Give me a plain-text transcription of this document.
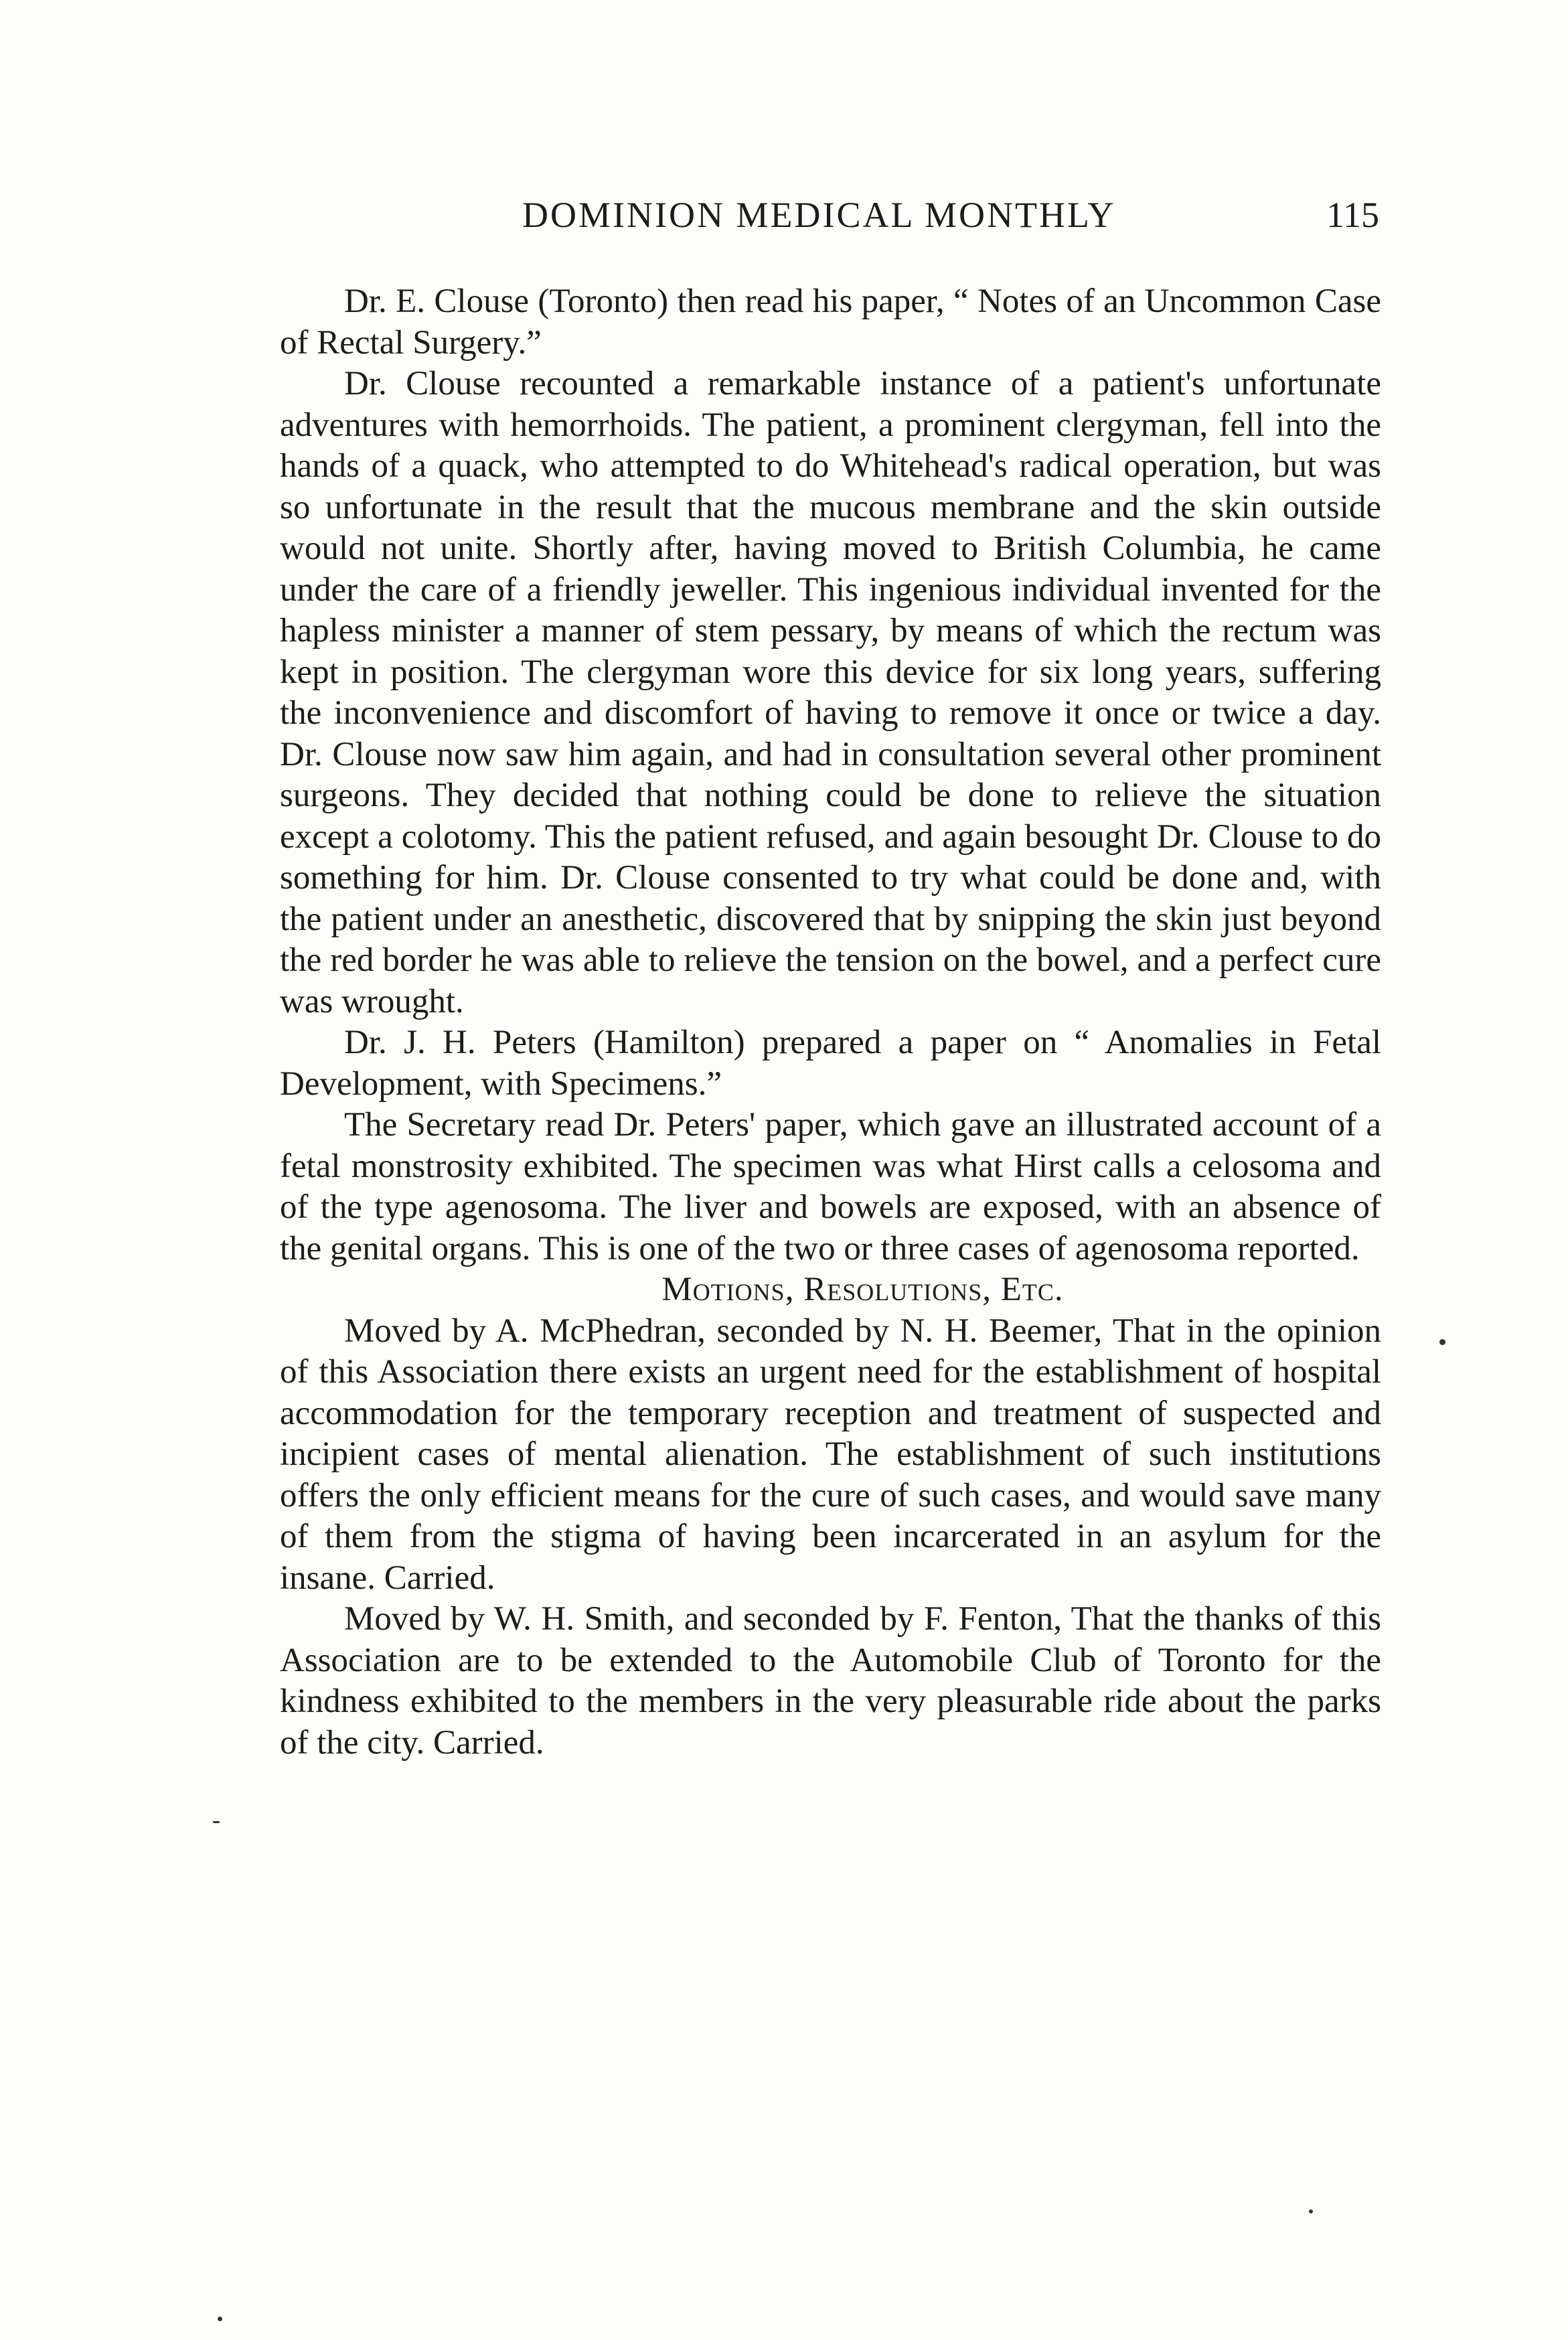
DOMINION MEDICAL MONTHLY	115

Dr. E. Clouse (Toronto) then read his paper, “ Notes of an Uncommon Case of Rectal Surgery.”

Dr. Clouse recounted a remarkable instance of a patient's unfortunate adventures with hemorrhoids. The patient, a prominent clergyman, fell into the hands of a quack, who attempted to do Whitehead's radical operation, but was so unfortunate in the result that the mucous membrane and the skin outside would not unite. Shortly after, having moved to British Columbia, he came under the care of a friendly jeweller. This ingenious individual invented for the hapless minister a manner of stem pessary, by means of which the rectum was kept in position. The clergyman wore this device for six long years, suffering the inconvenience and discomfort of having to remove it once or twice a day. Dr. Clouse now saw him again, and had in consultation several other prominent surgeons. They decided that nothing could be done to relieve the situation except a colotomy. This the patient refused, and again besought Dr. Clouse to do something for him. Dr. Clouse consented to try what could be done and, with the patient under an anesthetic, discovered that by snipping the skin just beyond the red border he was able to relieve the tension on the bowel, and a perfect cure was wrought.

Dr. J. H. Peters (Hamilton) prepared a paper on “ Anomalies in Fetal Development, with Specimens.”

The Secretary read Dr. Peters' paper, which gave an illustrated account of a fetal monstrosity exhibited. The specimen was what Hirst calls a celosoma and of the type agenosoma. The liver and bowels are exposed, with an absence of the genital organs. This is one of the two or three cases of agenosoma reported.

Motions, Resolutions, Etc.

Moved by A. McPhedran, seconded by N. H. Beemer, That in the opinion of this Association there exists an urgent need for the establishment of hospital accommodation for the temporary reception and treatment of suspected and incipient cases of mental alienation. The establishment of such institutions offers the only efficient means for the cure of such cases, and would save many of them from the stigma of having been incarcerated in an asylum for the insane. Carried.

Moved by W. H. Smith, and seconded by F. Fenton, That the thanks of this Association are to be extended to the Automobile Club of Toronto for the kindness exhibited to the members in the very pleasurable ride about the parks of the city. Carried.
